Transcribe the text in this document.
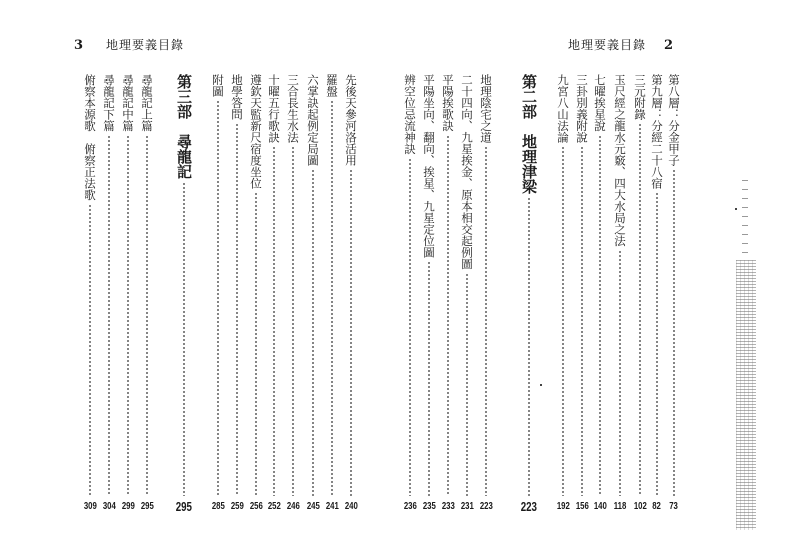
3 地理要義目錄	地理要義目錄 2
第八層：分金甲子
73
第九層：分經二十八宿
82
三元附錄
102
玉尺經之龍水元竅、四大水局之法
118
七曜挨星說
140
三卦別義附說
156
九宮八山法論
192
第二部　地理津梁
223
地理陰宅之道
223
二十四向、九星挨金、原本相交起例圖
231
平陽挨歌訣
233
平陽坐向、翻向、挨星、九星定位圖
235
辨空位忌流神訣
236
附圖
285
地學答問
259
遵欽天監新尺宿度坐位
256
十曜五行歌訣
252
三合長生水法
246
六掌訣起例定局圖
245
羅盤
241
先後天參河洛活用
240
第三部　尋龍記
295
尋龍記上篇
295
尋龍記中篇
299
尋龍記下篇
304
俯察本源歌　俯察正法歌
309
